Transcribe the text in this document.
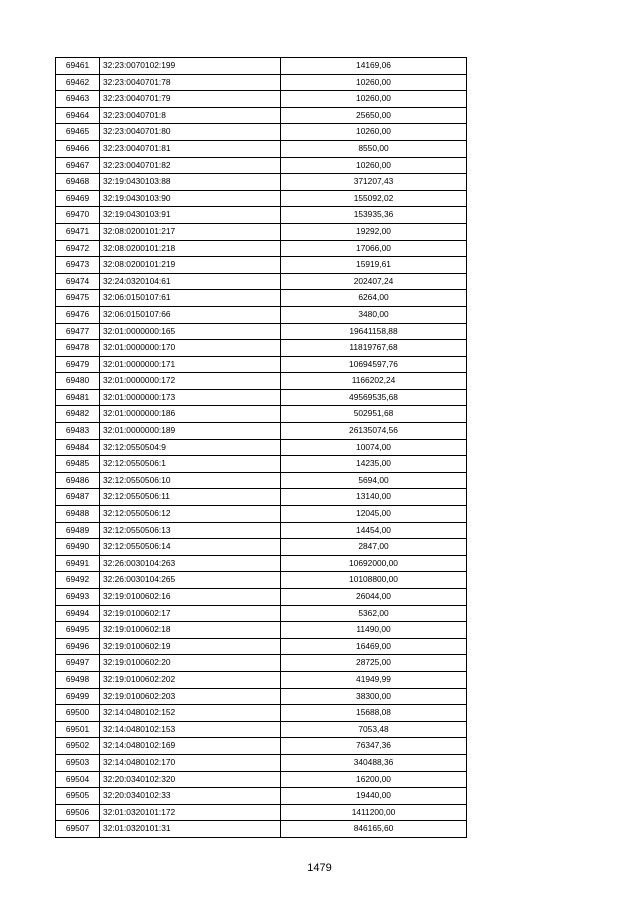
69461	32:23:0070102:199	14169,06
69462	32:23:0040701:78	10260,00
69463	32:23:0040701:79	10260,00
69464	32:23:0040701:8	25650,00
69465	32:23:0040701:80	10260,00
69466	32:23:0040701:81	8550,00
69467	32:23:0040701:82	10260,00
69468	32:19:0430103:88	371207,43
69469	32:19:0430103:90	155092,02
69470	32:19:0430103:91	153935,36
69471	32:08:0200101:217	19292,00
69472	32:08:0200101:218	17066,00
69473	32:08:0200101:219	15919,61
69474	32:24:0320104:61	202407,24
69475	32:06:0150107:61	6264,00
69476	32:06:0150107:66	3480,00
69477	32:01:0000000:165	19641158,88
69478	32:01:0000000:170	11819767,68
69479	32:01:0000000:171	10694597,76
69480	32:01:0000000:172	1166202,24
69481	32:01:0000000:173	49569535,68
69482	32:01:0000000:186	502951,68
69483	32:01:0000000:189	26135074,56
69484	32:12:0550504:9	10074,00
69485	32:12:0550506:1	14235,00
69486	32:12:0550506:10	5694,00
69487	32:12:0550506:11	13140,00
69488	32:12:0550506:12	12045,00
69489	32:12:0550506:13	14454,00
69490	32:12:0550506:14	2847,00
69491	32:26:0030104:263	10692000,00
69492	32:26:0030104:265	10108800,00
69493	32:19:0100602:16	26044,00
69494	32:19:0100602:17	5362,00
69495	32:19:0100602:18	11490,00
69496	32:19:0100602:19	16469,00
69497	32:19:0100602:20	28725,00
69498	32:19:0100602:202	41949,99
69499	32:19:0100602:203	38300,00
69500	32:14:0480102:152	15688,08
69501	32:14:0480102:153	7053,48
69502	32:14:0480102:169	76347,36
69503	32:14:0480102:170	340488,36
69504	32:20:0340102:320	16200,00
69505	32:20:0340102:33	19440,00
69506	32:01:0320101:172	1411200,00
69507	32:01:0320101:31	846165,60
1479
